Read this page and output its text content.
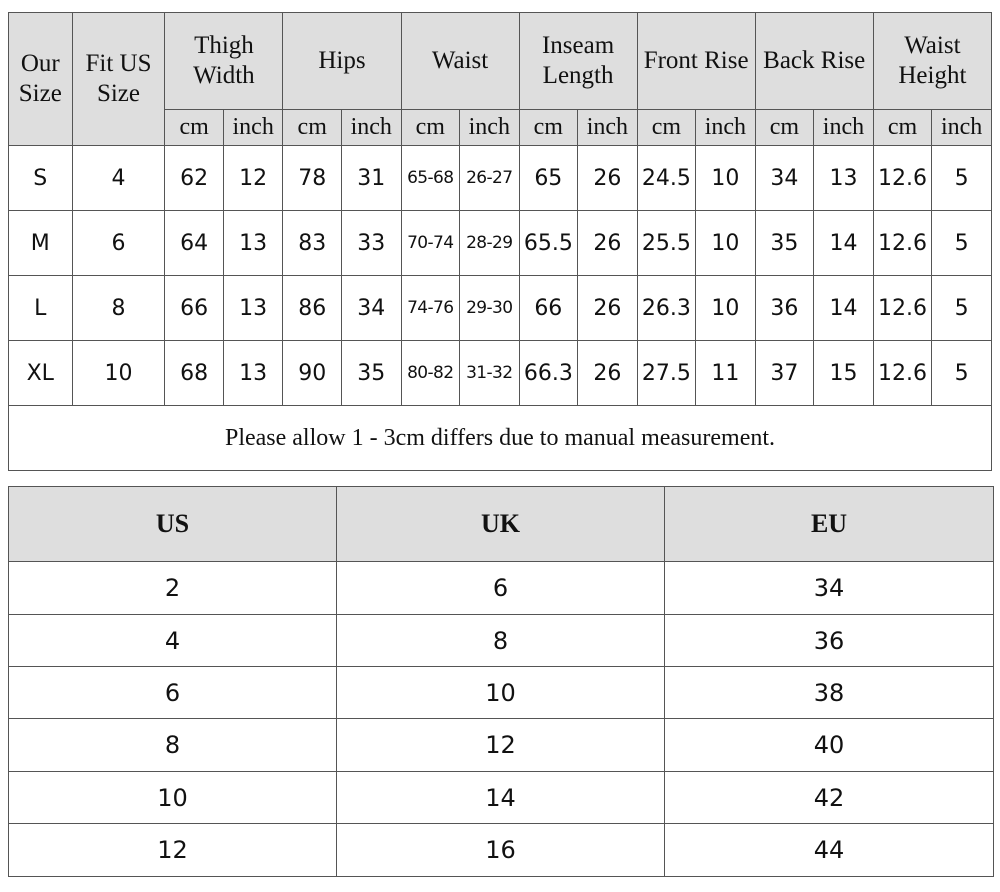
Our Size	Fit US Size	Thigh Width		Hips		Waist		Inseam Length		Front Rise		Back Rise		Waist Height	
		cm	inch	cm	inch	cm	inch	cm	inch	cm	inch	cm	inch	cm	inch
S	4	62	12	78	31	65-68	26-27	65	26	24.5	10	34	13	12.6	5
M	6	64	13	83	33	70-74	28-29	65.5	26	25.5	10	35	14	12.6	5
L	8	66	13	86	34	74-76	29-30	66	26	26.3	10	36	14	12.6	5
XL	10	68	13	90	35	80-82	31-32	66.3	26	27.5	11	37	15	12.6	5
Please allow 1 - 3cm differs due to manual measurement.															
US	UK	EU
2	6	34
4	8	36
6	10	38
8	12	40
10	14	42
12	16	44
